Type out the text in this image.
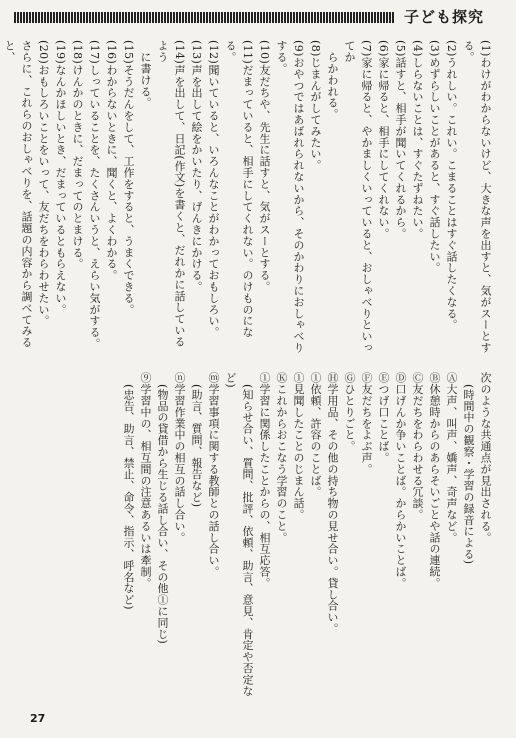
子ども探究

(1)わけがわからないけど、大きな声を出すと、気がスーとする。

(2)うれしい。これい。こまることはすぐ話したくなる。

(3)めずらしいことがあると、すぐ話したい。

(4)しらないことは、すぐたずねたい。

(5)話すと、相手が聞いてくれるから。

(6)家に帰ると、相手にしてくれない。

(7)家に帰ると、やかましくいっていると、おしゃべりといってか

　らかわれる。

(8)じまんがしてみたい。

(9)おやつではあばれられないから、そのかわりにおしゃべりする。

(10)友だちや、先生に話すと、気がスーとする。

(11)だまっていると、相手にしてくれない。のけものになる。

(12)聞いていると、いろんなことがわかっておもしろい。

(13)声を出して絵をかいたり、げんきにかける。

(14)声を出して、日記(作文)を書くと、だれかに話しているよう

　に書ける。

(15)そうだんをして、工作をすると、うまくできる。

(16)わからないときに、聞くと、よくわかる。

(17)しっていることを、たくさんいうと、えらい気がする。

(18)けんかのときに、だまってのとまける。

(19)なんかほしいとき、だまっているともらえない。

(20)おもしろいことをいって、友だちをわらわせたい。

さらに、これらのおしゃべりを、話題の内容から調べてみると、

次のような共通点が見出される。

(時間中の観察・学習の録音による)

Ⓐ大声、叫声、嬌声、奇声など。

Ⓑ休憩時からのあらそいごとや話の連続。

Ⓒ友だちをわらわせる冗談。

Ⓓ口げんか争いことば。からかいことば。

Ⓔつげ口ことば。

Ⓕ友だちをよぶ声。

Ⓖひとりごと。

Ⓗ学用品、その他の持ち物の見せ合い。貸し合い。

①依頼、許容のことば。

①見聞したことのじまん話。

Ⓚこれからおこなう学習のこと。

①学習に関係したことからの、相互応答。

(知らせ合い、質問、批評、依頼、助言、意見、肯定や否定な

ど)

ⓜ学習事項に関する教師との話し合い。

(助言、質問、報告など)

ⓝ学習作業中の相互の話し合い。

(物品の貸借から生じる話し合い、その他①に同じ)

⑨学習中の、相互間の注意あるいは牽制。

(忠告、助言、禁止、命令、指示、呼名など)

27
